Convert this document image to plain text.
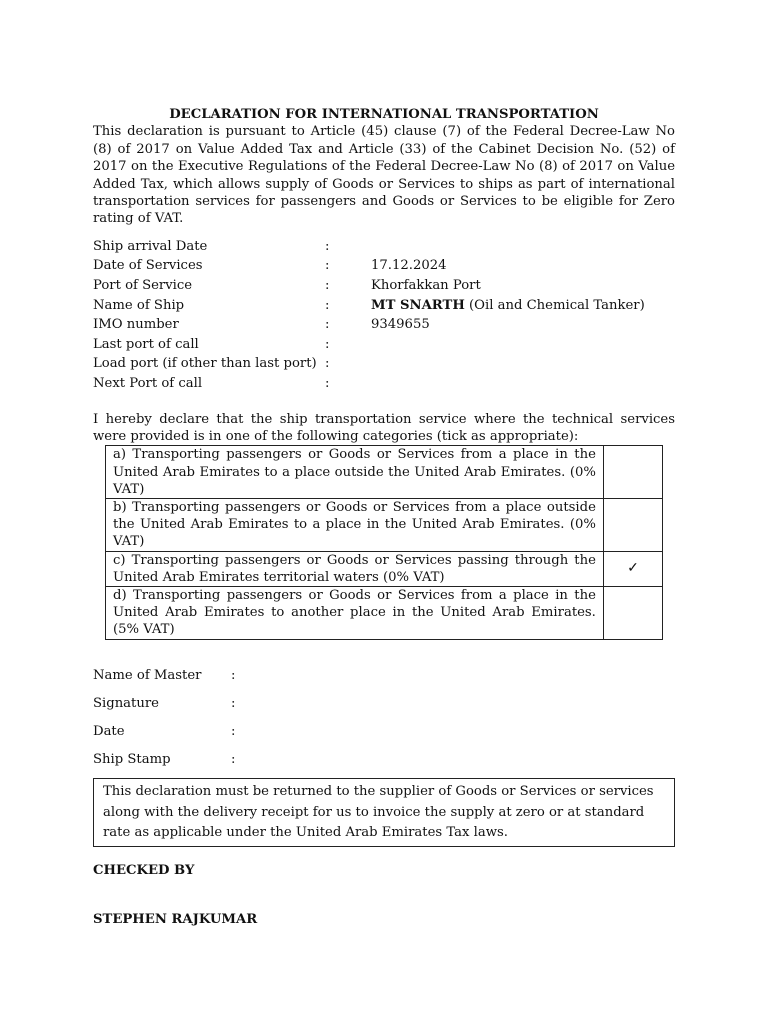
DECLARATION FOR INTERNATIONAL TRANSPORTATION

This declaration is pursuant to Article (45) clause (7) of the Federal Decree-Law No (8) of 2017 on Value Added Tax and Article (33) of the Cabinet Decision No. (52) of 2017 on the Executive Regulations of the Federal Decree-Law No (8) of 2017 on Value Added Tax, which allows supply of Goods or Services to ships as part of international transportation services for passengers and Goods or Services to be eligible for Zero rating of VAT.

Ship arrival Date	:
Date of Services	:	17.12.2024
Port of Service	:	Khorfakkan Port
Name of Ship	:	MT SNARTH (Oil and Chemical Tanker)
IMO number	:	9349655
Last port of call	:
Load port (if other than last port) :
Next Port of call	:

I hereby declare that the ship transportation service where the technical services were provided is in one of the following categories (tick as appropriate):

a) Transporting passengers or Goods or Services from a place in the United Arab Emirates to a place outside the United Arab Emirates. (0% VAT)	
b) Transporting passengers or Goods or Services from a place outside the United Arab Emirates to a place in the United Arab Emirates. (0% VAT)	
c) Transporting passengers or Goods or Services passing through the United Arab Emirates territorial waters (0% VAT)	✓
d) Transporting passengers or Goods or Services from a place in the United Arab Emirates to another place in the United Arab Emirates. (5% VAT)	
Name of Master	:
Signature	:
Date	:
Ship Stamp	:
This declaration must be returned to the supplier of Goods or Services or services along with the delivery receipt for us to invoice the supply at zero or at standard rate as applicable under the United Arab Emirates Tax laws.
CHECKED BY
STEPHEN RAJKUMAR
